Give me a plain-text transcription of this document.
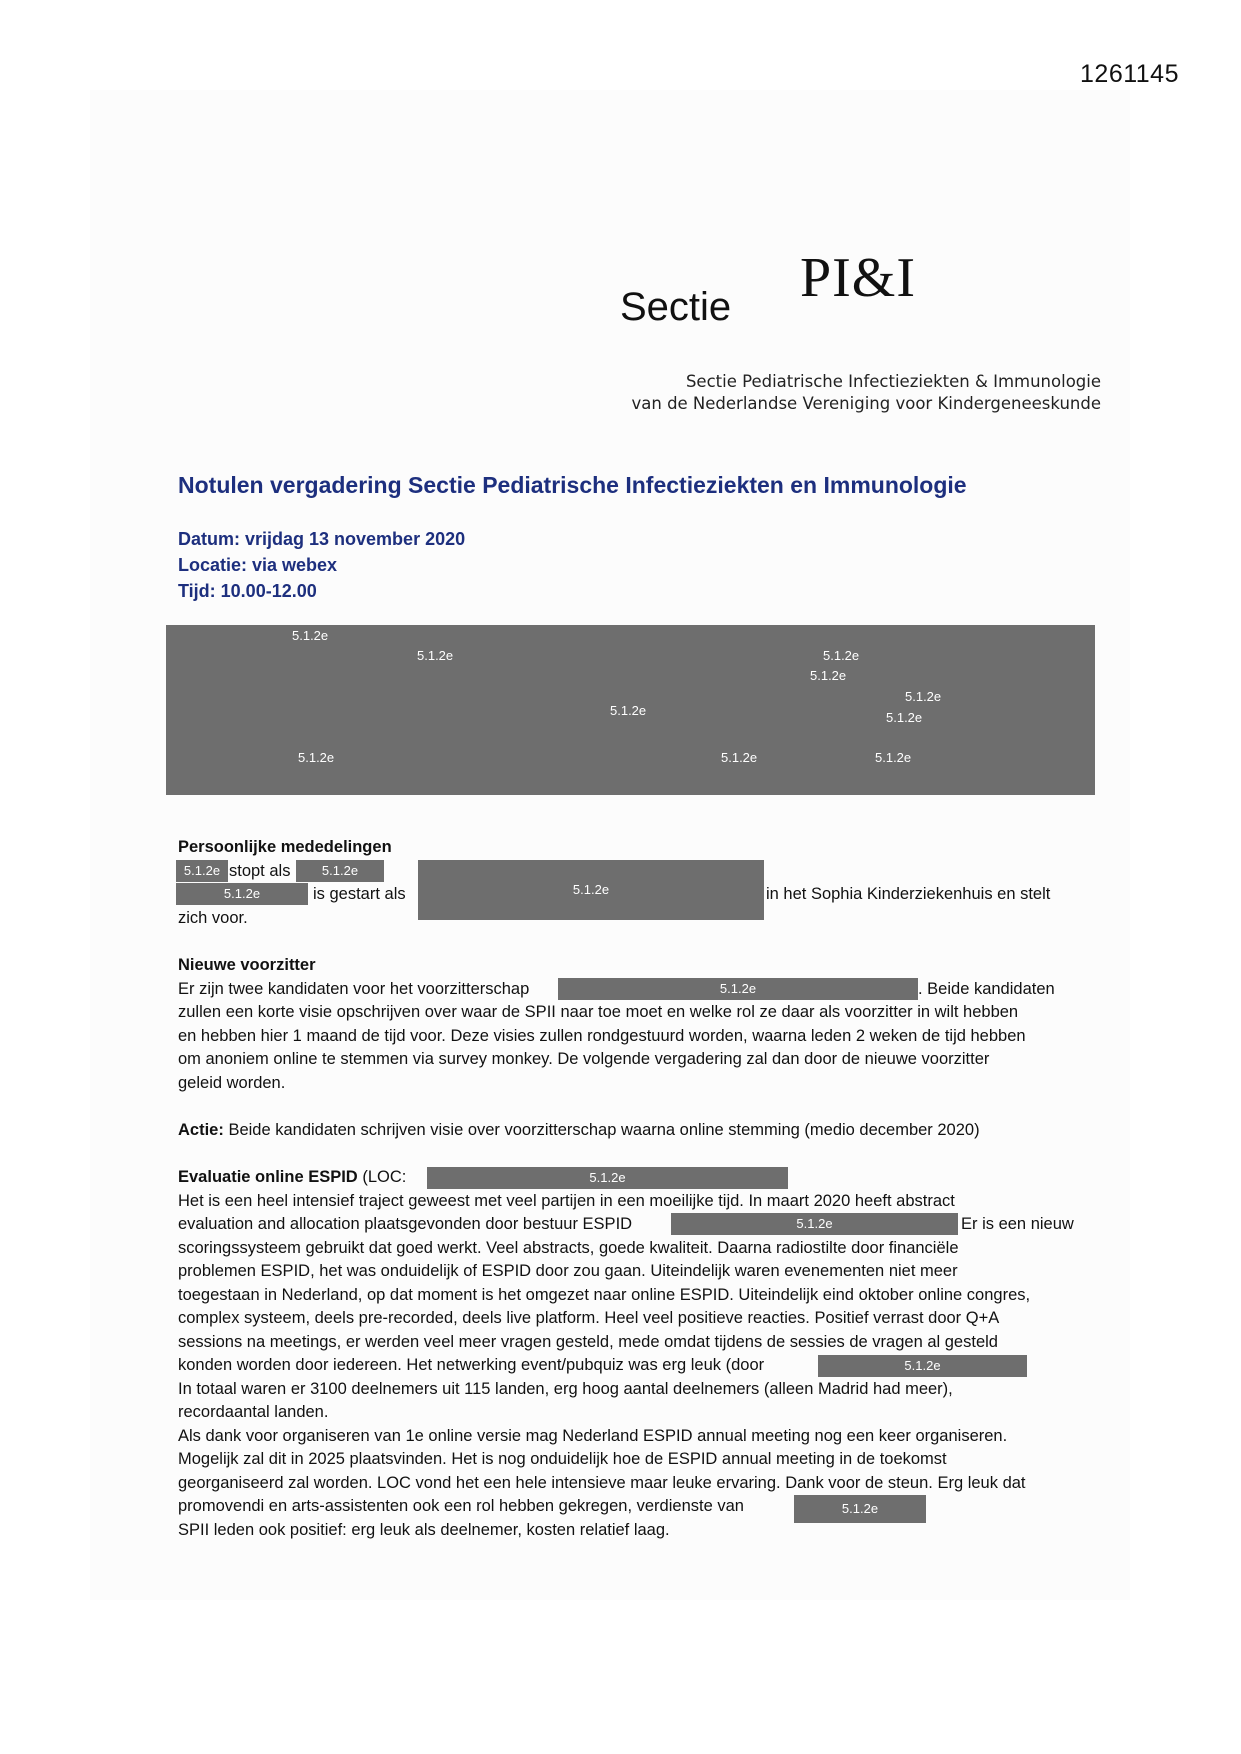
1261145
Sectie PI&I
Sectie Pediatrische Infectieziekten & Immunologie
van de Nederlandse Vereniging voor Kindergeneeskunde
Notulen vergadering Sectie Pediatrische Infectieziekten en Immunologie
Datum: vrijdag 13 november 2020
Locatie: via webex
Tijd: 10.00-12.00
5.1.2e
5.1.2e	5.1.2e
5.1.2e
5.1.2e
5.1.2e	5.1.2e
5.1.2e	5.1.2e	5.1.2e
Persoonlijke mededelingen
5.1.2e stopt als	5.1.2e
5.1.2e	is gestart als	5.1.2e	in het Sophia Kinderziekenhuis en stelt
zich voor.
Nieuwe voorzitter
Er zijn twee kandidaten voor het voorzitterschap	5.1.2e	. Beide kandidaten
zullen een korte visie opschrijven over waar de SPII naar toe moet en welke rol ze daar als voorzitter in wilt hebben
en hebben hier 1 maand de tijd voor. Deze visies zullen rondgestuurd worden, waarna leden 2 weken de tijd hebben
om anoniem online te stemmen via survey monkey. De volgende vergadering zal dan door de nieuwe voorzitter
geleid worden.
Actie: Beide kandidaten schrijven visie over voorzitterschap waarna online stemming (medio december 2020)
Evaluatie online ESPID (LOC:	5.1.2e
Het is een heel intensief traject geweest met veel partijen in een moeilijke tijd. In maart 2020 heeft abstract
evaluation and allocation plaatsgevonden door bestuur ESPID	5.1.2e	Er is een nieuw
scoringssysteem gebruikt dat goed werkt. Veel abstracts, goede kwaliteit. Daarna radiostilte door financiële
problemen ESPID, het was onduidelijk of ESPID door zou gaan. Uiteindelijk waren evenementen niet meer
toegestaan in Nederland, op dat moment is het omgezet naar online ESPID. Uiteindelijk eind oktober online congres,
complex systeem, deels pre-recorded, deels live platform. Heel veel positieve reacties. Positief verrast door Q+A
sessions na meetings, er werden veel meer vragen gesteld, mede omdat tijdens de sessies de vragen al gesteld
konden worden door iedereen. Het netwerking event/pubquiz was erg leuk (door	5.1.2e
In totaal waren er 3100 deelnemers uit 115 landen, erg hoog aantal deelnemers (alleen Madrid had meer),
recordaantal landen.
Als dank voor organiseren van 1e online versie mag Nederland ESPID annual meeting nog een keer organiseren.
Mogelijk zal dit in 2025 plaatsvinden. Het is nog onduidelijk hoe de ESPID annual meeting in de toekomst
georganiseerd zal worden. LOC vond het een hele intensieve maar leuke ervaring. Dank voor de steun. Erg leuk dat
promovendi en arts-assistenten ook een rol hebben gekregen, verdienste van	5.1.2e
SPII leden ook positief: erg leuk als deelnemer, kosten relatief laag.
